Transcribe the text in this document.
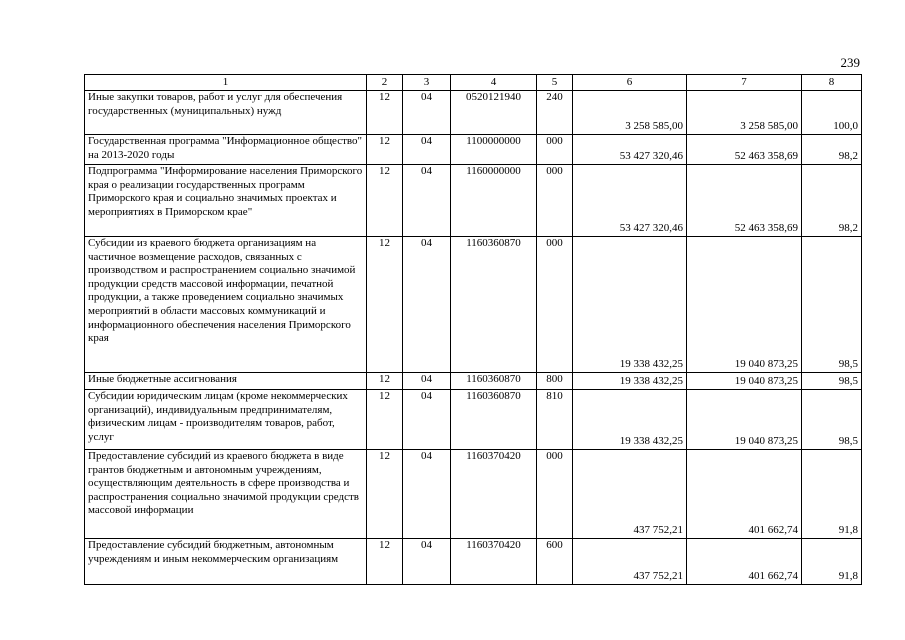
239
1	2	3	4	5	6	7	8
Иные закупки товаров, работ и услуг для обеспечения государственных (муниципальных) нужд	12	04	0520121940	240	3 258 585,00	3 258 585,00	100,0
Государственная программа "Информационное общество" на 2013-2020 годы	12	04	1100000000	000	53 427 320,46	52 463 358,69	98,2
Подпрограмма "Информирование населения Приморского края о реализации государственных программ Приморского края и социально значимых проектах и мероприятиях в Приморском крае"	12	04	1160000000	000	53 427 320,46	52 463 358,69	98,2
Субсидии из краевого бюджета организациям на частичное возмещение расходов, связанных с производством и распространением социально значимой продукции средств массовой информации, печатной продукции, а также проведением социально значимых мероприятий в области массовых коммуникаций и информационного обеспечения населения Приморского края	12	04	1160360870	000	19 338 432,25	19 040 873,25	98,5
Иные бюджетные ассигнования	12	04	1160360870	800	19 338 432,25	19 040 873,25	98,5
Субсидии юридическим лицам (кроме некоммерческих организаций), индивидуальным предпринимателям, физическим лицам - производителям товаров, работ, услуг	12	04	1160360870	810	19 338 432,25	19 040 873,25	98,5
Предоставление субсидий из краевого бюджета в виде грантов бюджетным и автономным учреждениям, осуществляющим деятельность в сфере производства и распространения социально значимой продукции средств массовой информации	12	04	1160370420	000	437 752,21	401 662,74	91,8
Предоставление субсидий бюджетным, автономным учреждениям и иным некоммерческим организациям	12	04	1160370420	600	437 752,21	401 662,74	91,8
